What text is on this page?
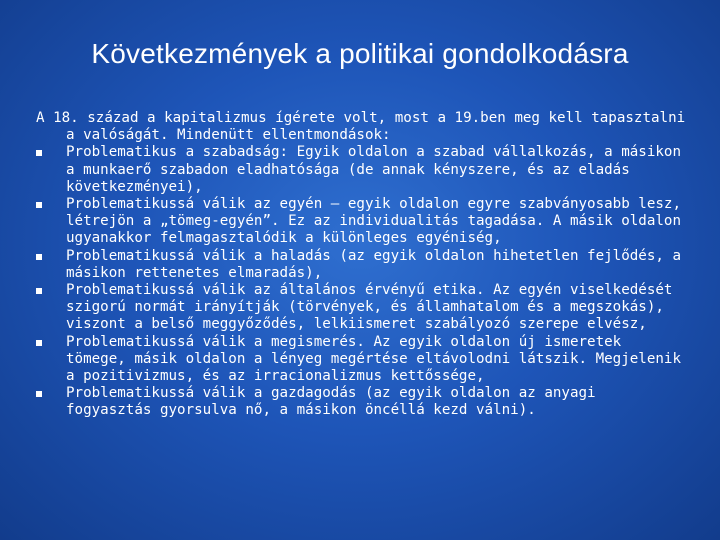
Következmények a politikai gondolkodásra

A 18. század a kapitalizmus ígérete volt, most a 19.ben meg kell tapasztalni a valóságát. Mindenütt ellentmondások:

Problematikus a szabadság: Egyik oldalon a szabad vállalkozás, a másikon a munkaerő szabadon eladhatósága (de annak kényszere, és az eladás következményei),
Problematikussá válik az egyén – egyik oldalon egyre szabványosabb lesz, létrejön a „tömeg-egyén”. Ez az individualitás tagadása. A másik oldalon ugyanakkor felmagasztalódik a különleges egyéniség,
Problematikussá válik a haladás (az egyik oldalon hihetetlen fejlődés, a másikon rettenetes elmaradás),
Problematikussá válik az általános érvényű etika. Az egyén viselkedését szigorú normát irányítják (törvények, és államhatalom és a megszokás), viszont a belső meggyőződés, lelkiismeret szabályozó szerepe elvész,
Problematikussá válik a megismerés. Az egyik oldalon új ismeretek tömege, másik oldalon a lényeg megértése eltávolodni látszik. Megjelenik a pozitivizmus, és az irracionalizmus kettőssége,
Problematikussá válik a gazdagodás (az egyik oldalon az anyagi fogyasztás gyorsulva nő, a másikon öncéllá kezd válni).
